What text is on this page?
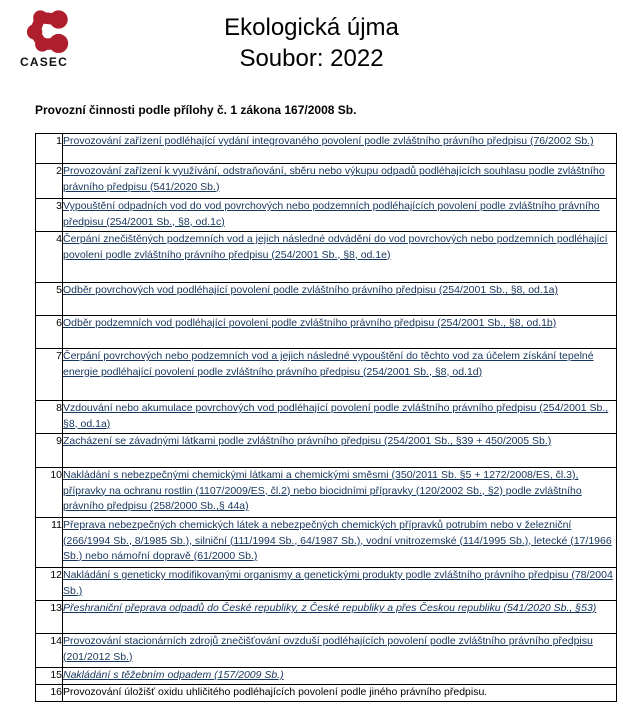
CASEC
Ekologická újma
Soubor: 2022
Provozní činnosti podle přílohy č. 1 zákona 167/2008 Sb.
1	Provozování zařízení podléhající vydání integrovaného povolení podle zvláštního právního předpisu (76/2002 Sb.)
2	Provozování zařízení k využívání, odstraňování, sběru nebo výkupu odpadů podléhajících souhlasu podle zvláštního právního předpisu (541/2020 Sb.)
3	Vypouštění odpadních vod do vod povrchových nebo podzemních podléhajících povolení podle zvláštního právního předpisu (254/2001 Sb., §8, od.1c)
4	Čerpání znečištěných podzemních vod a jejich následné odvádění do vod povrchových nebo podzemních podléhající povolení podle zvláštního právního předpisu (254/2001 Sb., §8, od.1e)
5	Odběr povrchových vod podléhající povolení podle zvláštního právního předpisu (254/2001 Sb., §8, od.1a)
6	Odběr podzemních vod podléhající povolení podle zvláštního právního předpisu (254/2001 Sb., §8, od.1b)
7	Čerpání povrchových nebo podzemních vod a jejich následné vypouštění do těchto vod za účelem získání tepelné energie podléhající povolení podle zvláštního právního předpisu (254/2001 Sb., §8, od.1d)
8	Vzdouvání nebo akumulace povrchových vod podléhající povolení podle zvláštního právního předpisu (254/2001 Sb., §8, od.1a)
9	Zacházení se závadnými látkami podle zvláštního právního předpisu (254/2001 Sb., §39 + 450/2005 Sb.)
10	Nakládání s nebezpečnými chemickými látkami a chemickými směsmi (350/2011 Sb. §5 + 1272/2008/ES, čl.3), přípravky na ochranu rostlin (1107/2009/ES, čl.2) nebo biocidními přípravky (120/2002 Sb., §2) podle zvláštního právního předpisu (258/2000 Sb.,§ 44a)
11	Přeprava nebezpečných chemických látek a nebezpečných chemických přípravků potrubím nebo v železniční (266/1994 Sb., 8/1985 Sb.), silniční (111/1994 Sb., 64/1987 Sb.), vodní vnitrozemské (114/1995 Sb.), letecké (17/1966 Sb.) nebo námořní dopravě (61/2000 Sb.)
12	Nakládání s geneticky modifikovanými organismy a genetickými produkty podle zvláštního právního předpisu (78/2004 Sb.)
13	Přeshraniční přeprava odpadů do České republiky, z České republiky a přes Českou republiku (541/2020 Sb., §53)
14	Provozování stacionárních zdrojů znečišťování ovzduší podléhajících povolení podle zvláštního právního předpisu (201/2012 Sb.)
15	Nakládání s těžebním odpadem (157/2009 Sb.)
16	Provozování úložišť oxidu uhličitého podléhajících povolení podle jiného právního předpisu.
